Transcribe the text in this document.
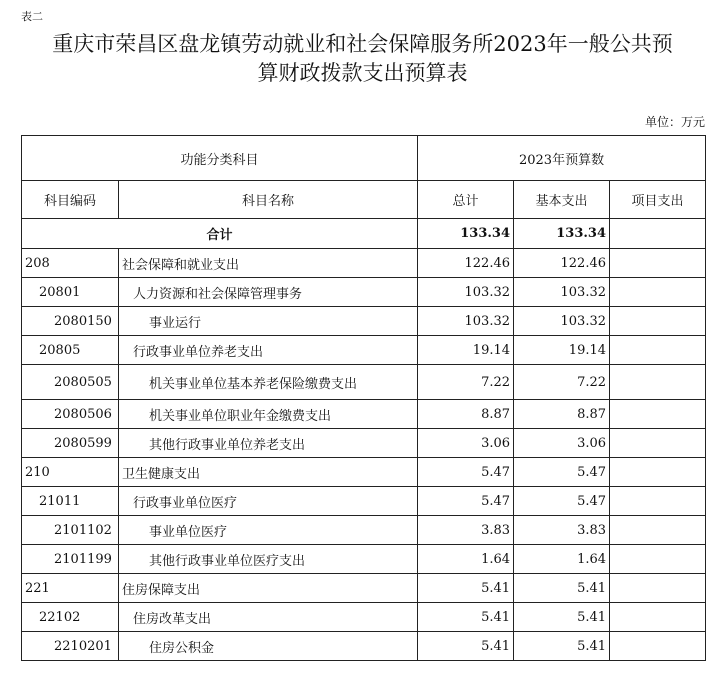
表二
重庆市荣昌区盘龙镇劳动就业和社会保障服务所2023年一般公共预
算财政拨款支出预算表
单位：万元
功能分类科目		2023年预算数		
科目编码	科目名称	总计	基本支出	项目支出
合计		133.34	133.34	
208	社会保障和就业支出	122.46	122.46	
20801	人力资源和社会保障管理事务	103.32	103.32	
2080150	事业运行	103.32	103.32	
20805	行政事业单位养老支出	19.14	19.14	
2080505	机关事业单位基本养老保险缴费支出	7.22	7.22	
2080506	机关事业单位职业年金缴费支出	8.87	8.87	
2080599	其他行政事业单位养老支出	3.06	3.06	
210	卫生健康支出	5.47	5.47	
21011	行政事业单位医疗	5.47	5.47	
2101102	事业单位医疗	3.83	3.83	
2101199	其他行政事业单位医疗支出	1.64	1.64	
221	住房保障支出	5.41	5.41	
22102	住房改革支出	5.41	5.41	
2210201	住房公积金	5.41	5.41	
